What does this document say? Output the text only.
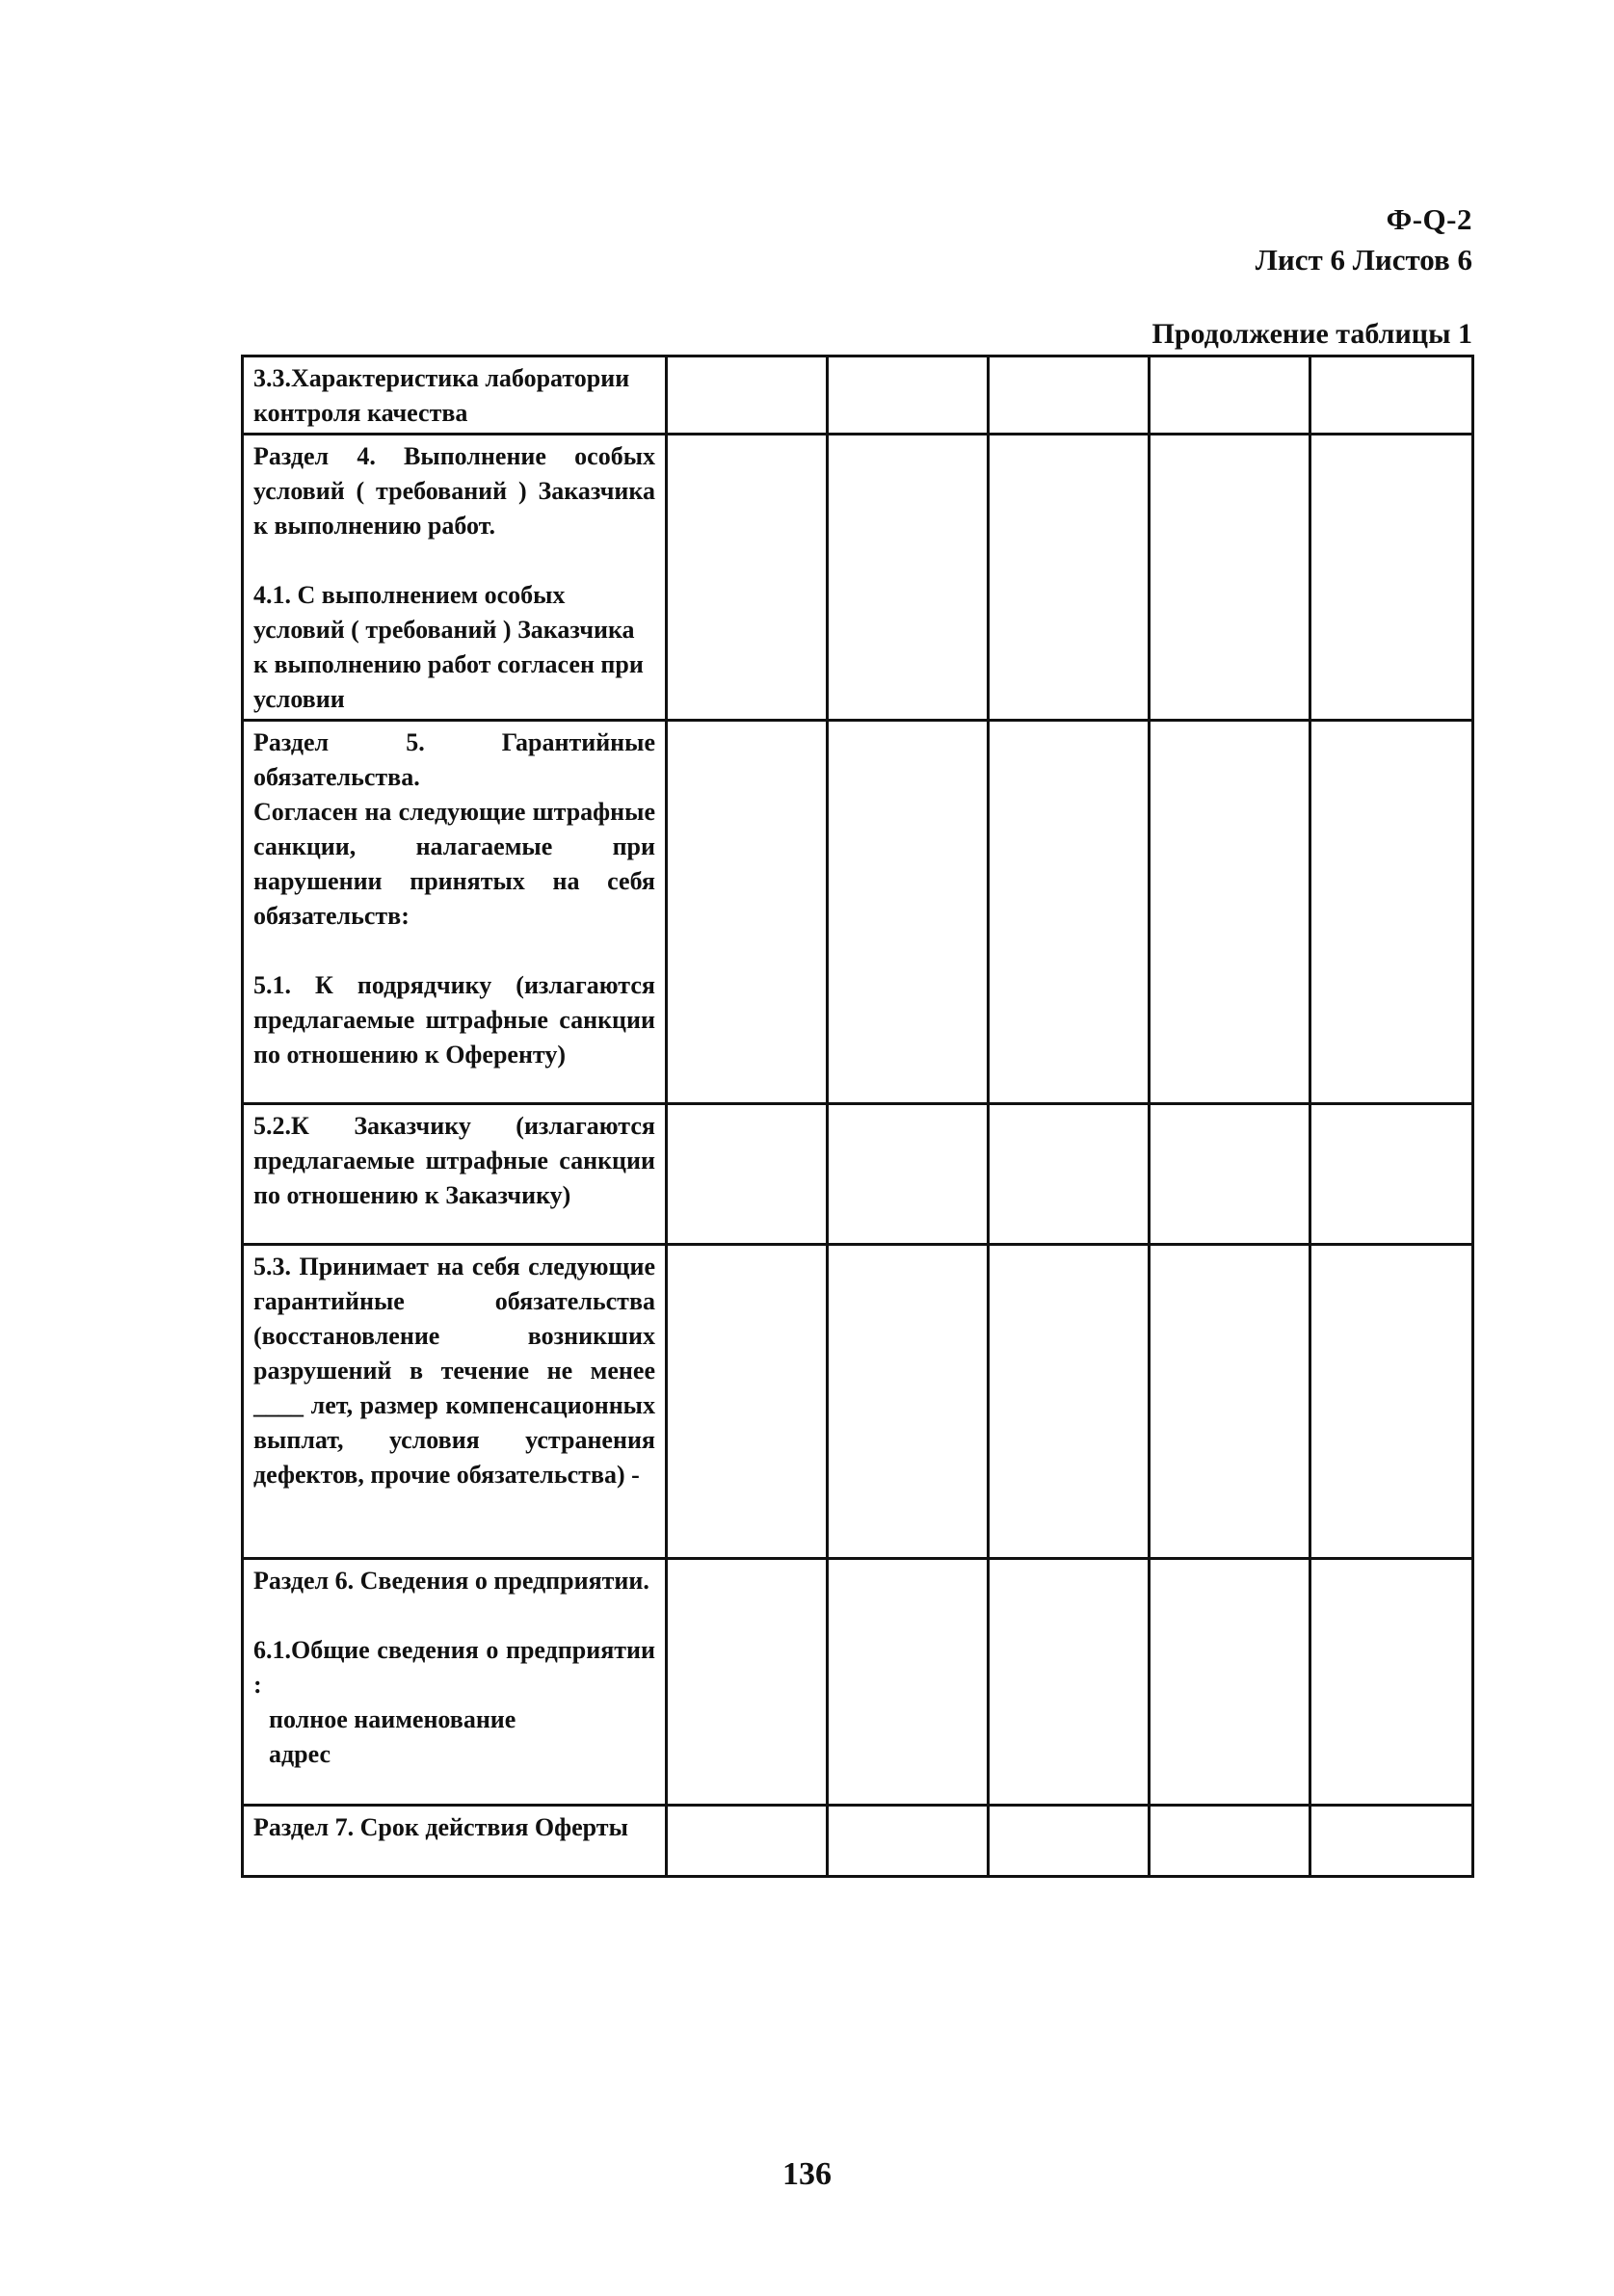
Ф-Q-2
Лист 6 Листов 6
Продолжение таблицы 1
3.3.Характеристика лаборатории контроля качества					

Раздел 4. Выполнение особых условий ( требований ) Заказчика к выполнению работ.
4.1. С выполнением особых условий ( требований ) Заказчика к выполнению работ согласен при условии					

Раздел 5. Гарантийные обязательства.
Согласен на следующие штрафные санкции, налагаемые при нарушении принятых на себя обязательств:
5.1. К подрядчику (излагаются предлагаемые штрафные санкции по отношению к Оференту)					

5.2.К Заказчику (излагаются предлагаемые штрафные санкции по отношению к Заказчику)					

5.3. Принимает на себя следующие гарантийные обязательства (восстановление возникших разрушений в течение не менее ____ лет, размер компенсационных выплат, условия устранения дефектов, прочие обязательства) -					

Раздел 6. Сведения о предприятии.
6.1.Общие сведения о предприятии :
полное наименование
адрес					

Раздел 7. Срок действия Оферты					

136
